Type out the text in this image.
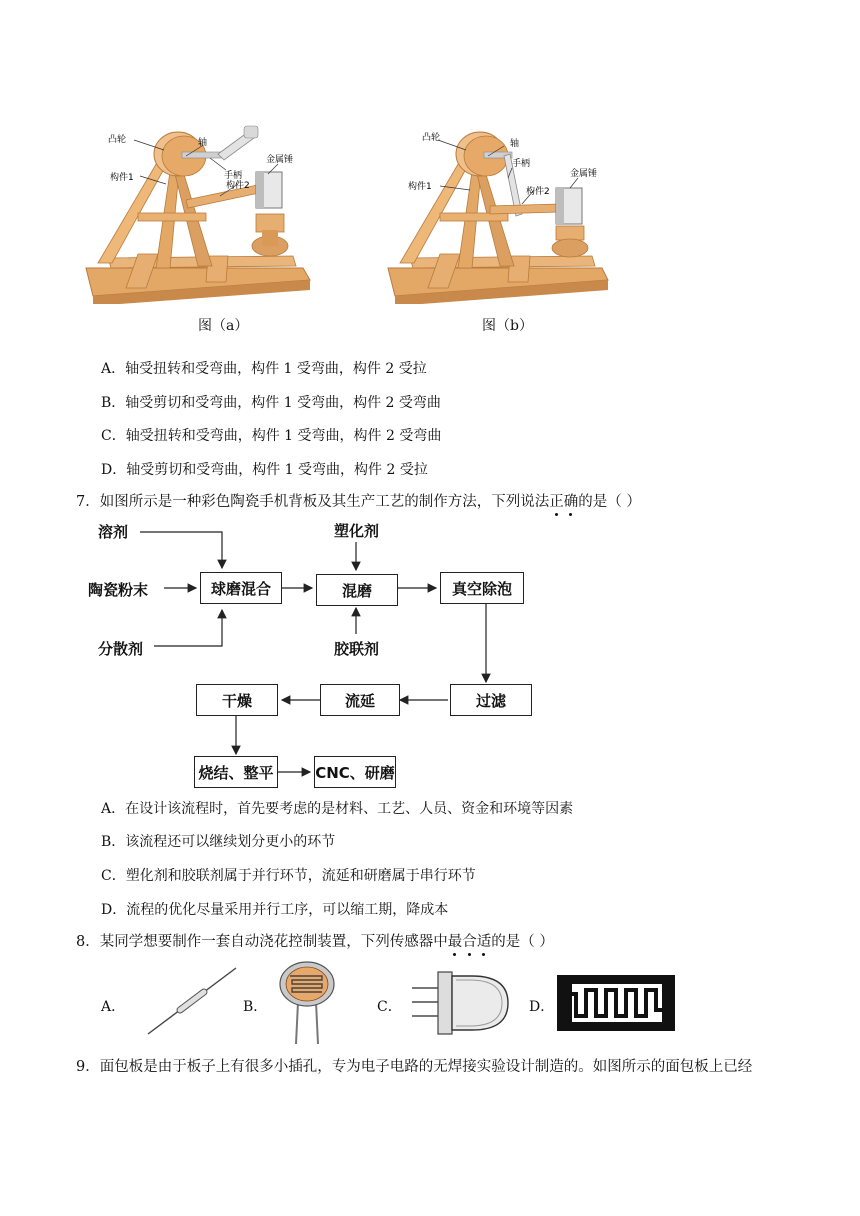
凸轮	轴
手柄
构件2
构件1
金属锤
图（a）
凸轮
轴
手柄
构件2
构件1
金属锤
图（b）
A．轴受扭转和受弯曲，构件 1 受弯曲，构件 2 受拉
B．轴受剪切和受弯曲，构件 1 受弯曲，构件 2 受弯曲
C．轴受扭转和受弯曲，构件 1 受弯曲，构件 2 受弯曲
D．轴受剪切和受弯曲，构件 1 受弯曲，构件 2 受拉
7．如图所示是一种彩色陶瓷手机背板及其生产工艺的制作方法，下列说法正确的是（ ）
溶剂
陶瓷粉末
分散剂
球磨混合
塑化剂
混磨
胶联剂
真空除泡
过滤
流延
干燥
烧结、整平	CNC、研磨
A．在设计该流程时，首先要考虑的是材料、工艺、人员、资金和环境等因素
B．该流程还可以继续划分更小的环节
C．塑化剂和胶联剂属于并行环节，流延和研磨属于串行环节
D．流程的优化尽量采用并行工序，可以缩工期，降成本
8．某同学想要制作一套自动浇花控制装置，下列传感器中最合适的是（ ）
A．	B．	C．	D．
9．面包板是由于板子上有很多小插孔，专为电子电路的无焊接实验设计制造的。如图所示的面包板上已经
